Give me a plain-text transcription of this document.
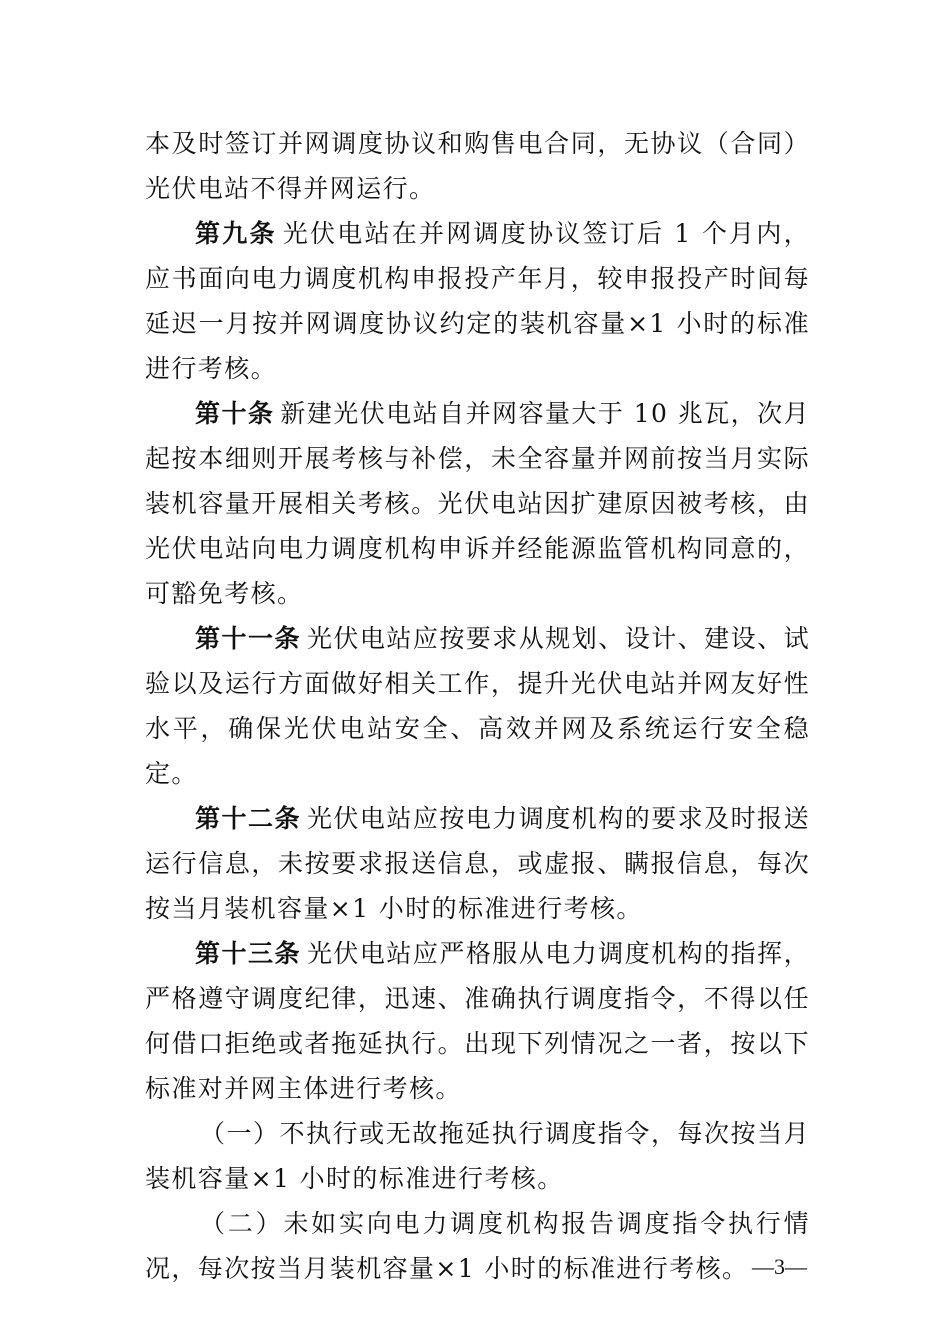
本及时签订并网调度协议和购售电合同，无协议（合同）光伏电站不得并网运行。

第九条 光伏电站在并网调度协议签订后 1 个月内，应书面向电力调度机构申报投产年月，较申报投产时间每延迟一月按并网调度协议约定的装机容量×1 小时的标准进行考核。

第十条 新建光伏电站自并网容量大于 10 兆瓦，次月起按本细则开展考核与补偿，未全容量并网前按当月实际装机容量开展相关考核。光伏电站因扩建原因被考核，由光伏电站向电力调度机构申诉并经能源监管机构同意的，可豁免考核。

第十一条 光伏电站应按要求从规划、设计、建设、试验以及运行方面做好相关工作，提升光伏电站并网友好性水平，确保光伏电站安全、高效并网及系统运行安全稳定。

第十二条 光伏电站应按电力调度机构的要求及时报送运行信息，未按要求报送信息，或虚报、瞒报信息，每次按当月装机容量×1 小时的标准进行考核。

第十三条 光伏电站应严格服从电力调度机构的指挥，严格遵守调度纪律，迅速、准确执行调度指令，不得以任何借口拒绝或者拖延执行。出现下列情况之一者，按以下标准对并网主体进行考核。

（一）不执行或无故拖延执行调度指令，每次按当月装机容量×1 小时的标准进行考核。

（二）未如实向电力调度机构报告调度指令执行情况，每次按当月装机容量×1 小时的标准进行考核。 —3—
